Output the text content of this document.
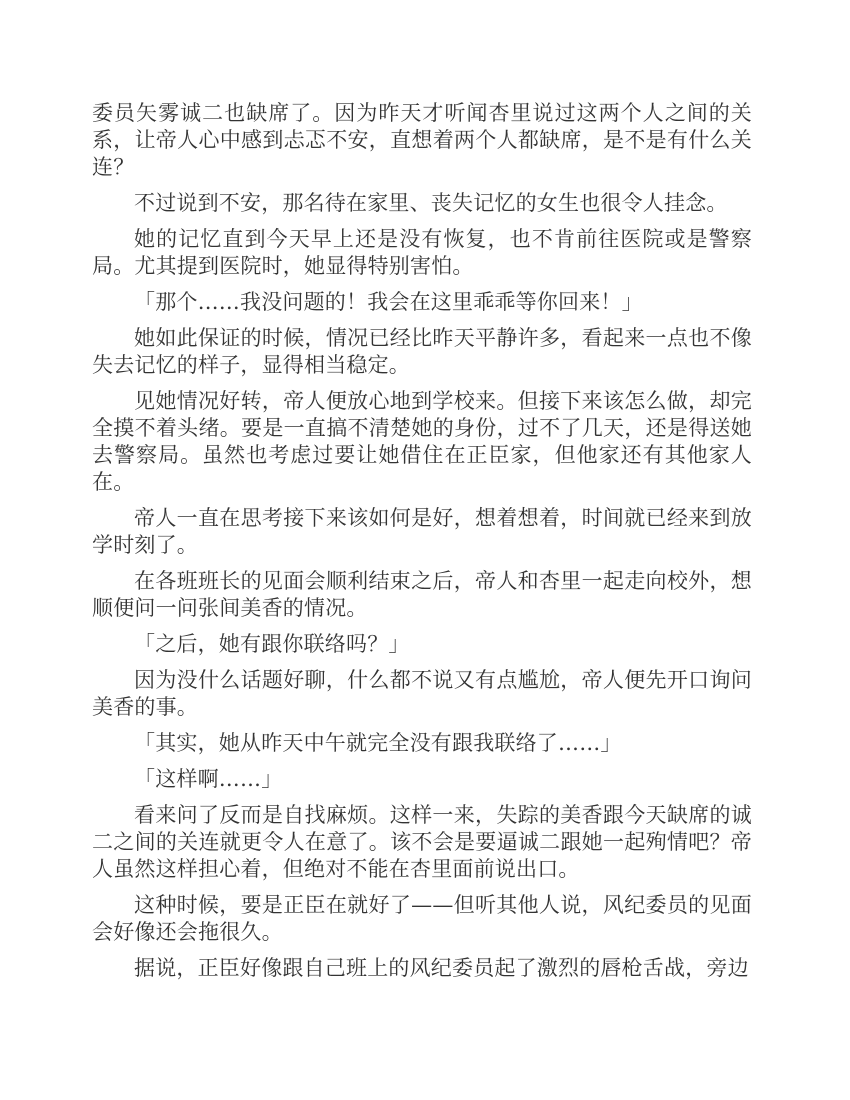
委员矢雾诚二也缺席了。因为昨天才听闻杏里说过这两个人之间的关系，让帝人心中感到忐忑不安，直想着两个人都缺席，是不是有什么关连？

不过说到不安，那名待在家里、丧失记忆的女生也很令人挂念。

她的记忆直到今天早上还是没有恢复，也不肯前往医院或是警察局。尤其提到医院时，她显得特别害怕。

「那个……我没问题的！我会在这里乖乖等你回来！」

她如此保证的时候，情况已经比昨天平静许多，看起来一点也不像失去记忆的样子，显得相当稳定。

见她情况好转，帝人便放心地到学校来。但接下来该怎么做，却完全摸不着头绪。要是一直搞不清楚她的身份，过不了几天，还是得送她去警察局。虽然也考虑过要让她借住在正臣家，但他家还有其他家人在。

帝人一直在思考接下来该如何是好，想着想着，时间就已经来到放学时刻了。

在各班班长的见面会顺利结束之后，帝人和杏里一起走向校外，想顺便问一问张间美香的情况。

「之后，她有跟你联络吗？」

因为没什么话题好聊，什么都不说又有点尴尬，帝人便先开口询问美香的事。

「其实，她从昨天中午就完全没有跟我联络了……」

「这样啊……」

看来问了反而是自找麻烦。这样一来，失踪的美香跟今天缺席的诚二之间的关连就更令人在意了。该不会是要逼诚二跟她一起殉情吧？帝人虽然这样担心着，但绝对不能在杏里面前说出口。

这种时候，要是正臣在就好了——但听其他人说，风纪委员的见面会好像还会拖很久。

据说，正臣好像跟自己班上的风纪委员起了激烈的唇枪舌战，旁边
